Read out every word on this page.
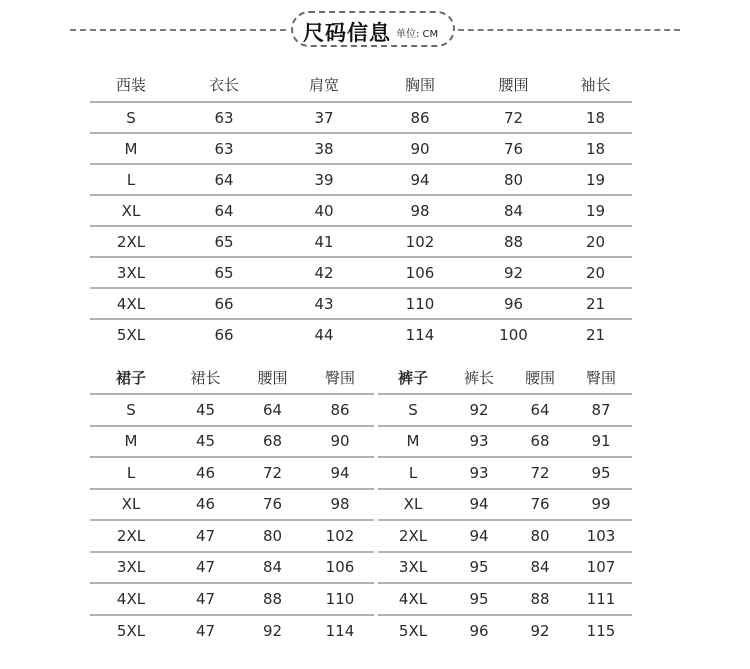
尺码信息 单位: CM
西装	衣长	肩宽	胸围	腰围	袖长
S	63	37	86	72	18
M	63	38	90	76	18
L	64	39	94	80	19
XL	64	40	98	84	19
2XL	65	41	102	88	20
3XL	65	42	106	92	20
4XL	66	43	110	96	21
5XL	66	44	114	100	21
裙子	裙长	腰围	臀围
S	45	64	86
M	45	68	90
L	46	72	94
XL	46	76	98
2XL	47	80	102
3XL	47	84	106
4XL	47	88	110
5XL	47	92	114
裤子	裤长	腰围	臀围
S	92	64	87
M	93	68	91
L	93	72	95
XL	94	76	99
2XL	94	80	103
3XL	95	84	107
4XL	95	88	111
5XL	96	92	115
